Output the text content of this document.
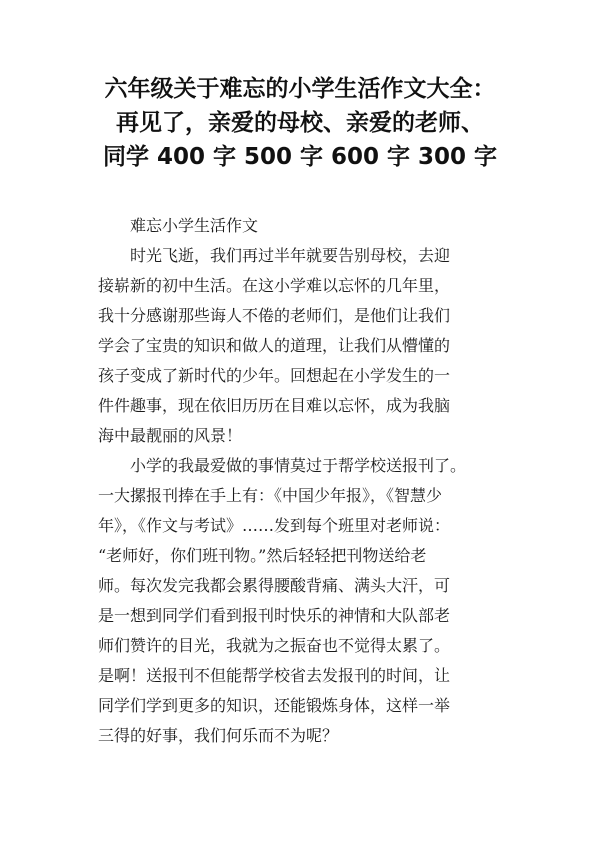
六年级关于难忘的小学生活作文大全：
再见了，亲爱的母校、亲爱的老师、
同学 400 字 500 字 600 字 300 字
难忘小学生活作文
时光飞逝，我们再过半年就要告别母校，去迎
接崭新的初中生活。在这小学难以忘怀的几年里，
我十分感谢那些诲人不倦的老师们，是他们让我们
学会了宝贵的知识和做人的道理，让我们从懵懂的
孩子变成了新时代的少年。回想起在小学发生的一
件件趣事，现在依旧历历在目难以忘怀，成为我脑
海中最靓丽的风景！
小学的我最爱做的事情莫过于帮学校送报刊了。
一大摞报刊捧在手上有：《中国少年报》，《智慧少
年》，《作文与考试》……发到每个班里对老师说：
“老师好，你们班刊物。”然后轻轻把刊物送给老
师。每次发完我都会累得腰酸背痛、满头大汗，可
是一想到同学们看到报刊时快乐的神情和大队部老
师们赞许的目光，我就为之振奋也不觉得太累了。
是啊！送报刊不但能帮学校省去发报刊的时间，让
同学们学到更多的知识，还能锻炼身体，这样一举
三得的好事，我们何乐而不为呢？
